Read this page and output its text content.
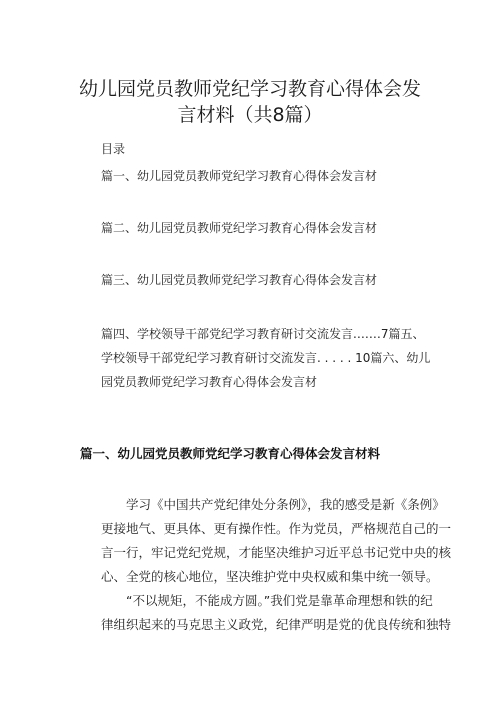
幼儿园党员教师党纪学习教育心得体会发
言材料（共8篇）
目录
篇一、幼儿园党员教师党纪学习教育心得体会发言材
篇二、幼儿园党员教师党纪学习教育心得体会发言材
篇三、幼儿园党员教师党纪学习教育心得体会发言材
篇四、学校领导干部党纪学习教育研讨交流发言.……7篇五、
学校领导干部党纪学习教育研讨交流发言. . . . . 10篇六、幼儿
园党员教师党纪学习教育心得体会发言材
篇一、幼儿园党员教师党纪学习教育心得体会发言材料
　　学习《中国共产党纪律处分条例》，我的感受是新《条例》
更接地气、更具体、更有操作性。作为党员，严格规范自己的一
言一行，牢记党纪党规，才能坚决维护习近平总书记党中央的核
心、全党的核心地位，坚决维护党中央权威和集中统一领导。
　　“不以规矩，不能成方圆。”我们党是靠革命理想和铁的纪
律组织起来的马克思主义政党，纪律严明是党的优良传统和独特
